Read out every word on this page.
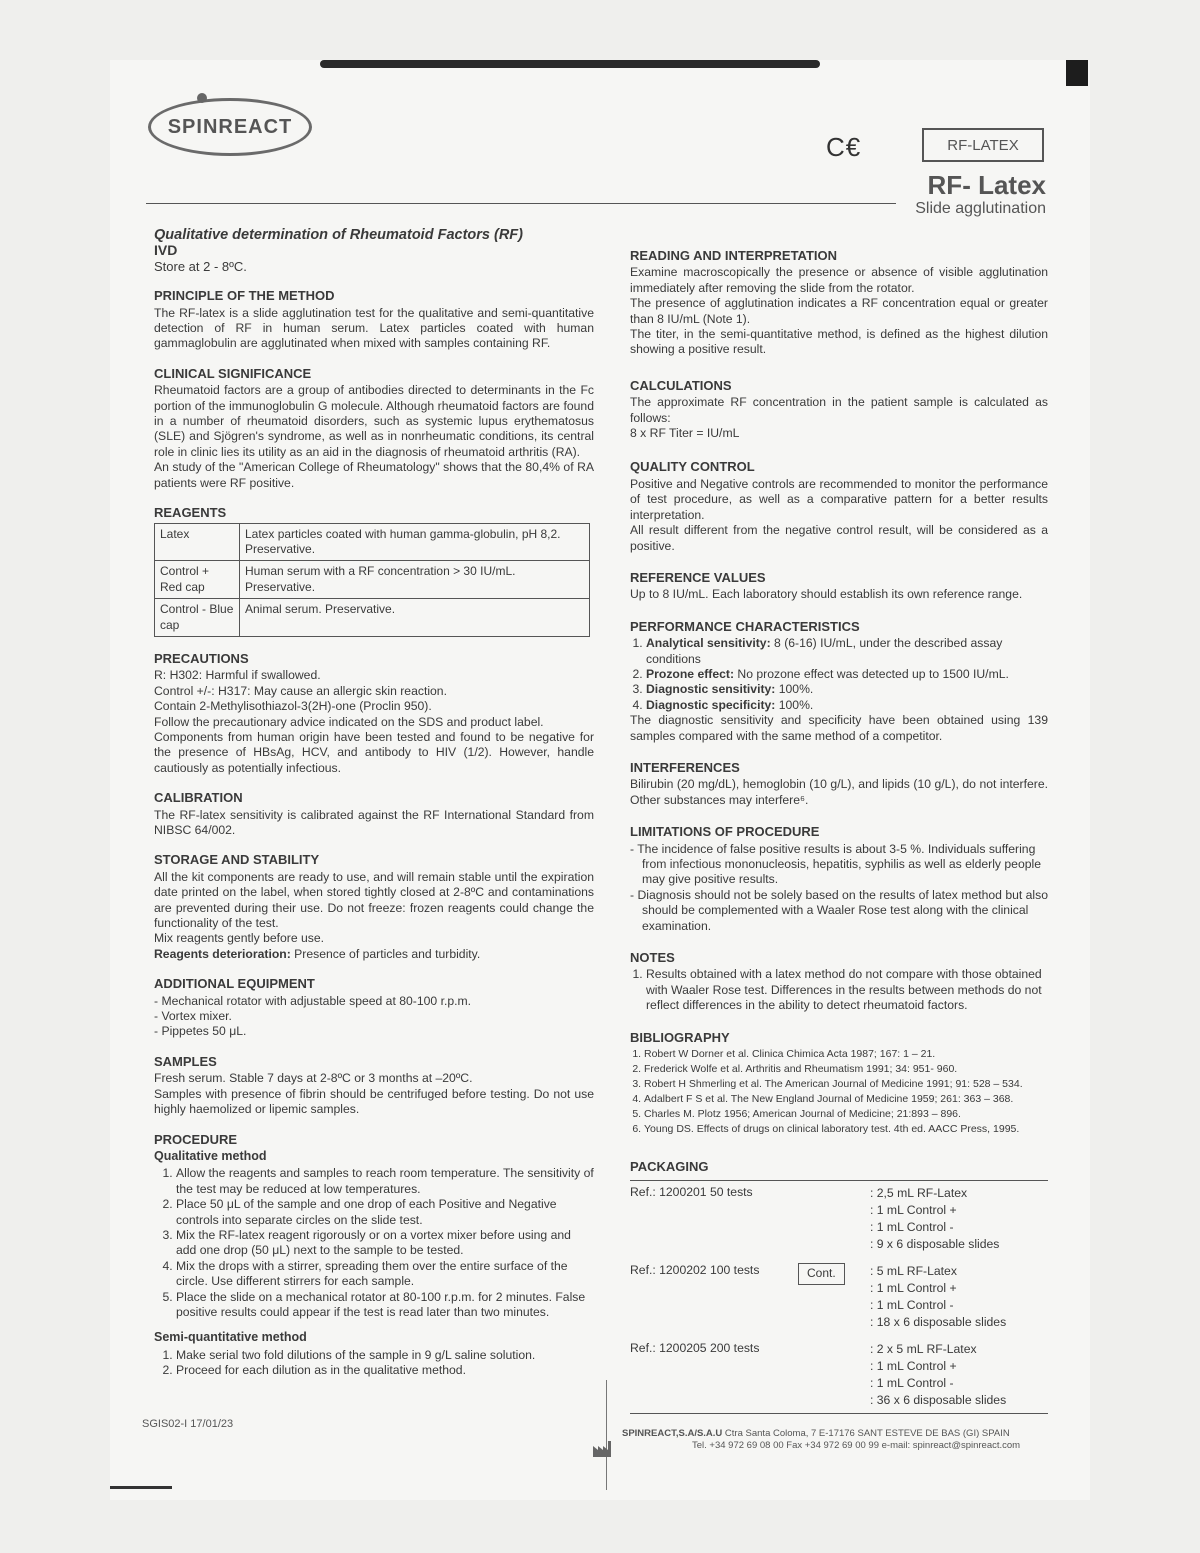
SPINREACT
C€	RF-LATEX
RF- Latex
Slide agglutination

Qualitative determination of Rheumatoid Factors (RF)

IVD

Store at 2 - 8ºC.

PRINCIPLE OF THE METHOD

The RF-latex is a slide agglutination test for the qualitative and semi-quantitative detection of RF in human serum. Latex particles coated with human gammaglobulin are agglutinated when mixed with samples containing RF.

CLINICAL SIGNIFICANCE

Rheumatoid factors are a group of antibodies directed to determinants in the Fc portion of the immunoglobulin G molecule. Although rheumatoid factors are found in a number of rheumatoid disorders, such as systemic lupus erythematosus (SLE) and Sjögren's syndrome, as well as in nonrheumatic conditions, its central role in clinic lies its utility as an aid in the diagnosis of rheumatoid arthritis (RA).

An study of the "American College of Rheumatology" shows that the 80,4% of RA patients were RF positive.

REAGENTS
Latex	Latex particles coated with human gamma-globulin, pH 8,2. Preservative.
Control + Red cap	Human serum with a RF concentration > 30 IU/mL. Preservative.
Control - Blue cap	Animal serum. Preservative.
PRECAUTIONS

R: H302: Harmful if swallowed.

Control +/-: H317: May cause an allergic skin reaction.

Contain 2-Methylisothiazol-3(2H)-one (Proclin 950).

Follow the precautionary advice indicated on the SDS and product label.

Components from human origin have been tested and found to be negative for the presence of HBsAg, HCV, and antibody to HIV (1/2). However, handle cautiously as potentially infectious.

CALIBRATION

The RF-latex sensitivity is calibrated against the RF International Standard from NIBSC 64/002.

STORAGE AND STABILITY

All the kit components are ready to use, and will remain stable until the expiration date printed on the label, when stored tightly closed at 2-8ºC and contaminations are prevented during their use. Do not freeze: frozen reagents could change the functionality of the test.

Mix reagents gently before use.

Reagents deterioration: Presence of particles and turbidity.

ADDITIONAL EQUIPMENT
- Mechanical rotator with adjustable speed at 80-100 r.p.m.
- Vortex mixer.
- Pippetes 50 μL.
SAMPLES

Fresh serum. Stable 7 days at 2-8ºC or 3 months at –20ºC.

Samples with presence of fibrin should be centrifuged before testing. Do not use highly haemolized or lipemic samples.

PROCEDURE
Qualitative method
1. Allow the reagents and samples to reach room temperature. The sensitivity of the test may be reduced at low temperatures.
2. Place 50 μL of the sample and one drop of each Positive and Negative controls into separate circles on the slide test.
3. Mix the RF-latex reagent rigorously or on a vortex mixer before using and add one drop (50 μL) next to the sample to be tested.
4. Mix the drops with a stirrer, spreading them over the entire surface of the circle. Use different stirrers for each sample.
5. Place the slide on a mechanical rotator at 80-100 r.p.m. for 2 minutes. False positive results could appear if the test is read later than two minutes.
Semi-quantitative method
1. Make serial two fold dilutions of the sample in 9 g/L saline solution.
2. Proceed for each dilution as in the qualitative method.
READING AND INTERPRETATION

Examine macroscopically the presence or absence of visible agglutination immediately after removing the slide from the rotator.

The presence of agglutination indicates a RF concentration equal or greater than 8 IU/mL (Note 1).

The titer, in the semi-quantitative method, is defined as the highest dilution showing a positive result.

CALCULATIONS

The approximate RF concentration in the patient sample is calculated as follows:

8 x RF Titer = IU/mL

QUALITY CONTROL

Positive and Negative controls are recommended to monitor the performance of test procedure, as well as a comparative pattern for a better results interpretation.

All result different from the negative control result, will be considered as a positive.

REFERENCE VALUES

Up to 8 IU/mL. Each laboratory should establish its own reference range.

PERFORMANCE CHARACTERISTICS
1. Analytical sensitivity: 8 (6-16) IU/mL, under the described assay conditions
2. Prozone effect: No prozone effect was detected up to 1500 IU/mL.
3. Diagnostic sensitivity: 100%.
4. Diagnostic specificity: 100%.

The diagnostic sensitivity and specificity have been obtained using 139 samples compared with the same method of a competitor.

INTERFERENCES

Bilirubin (20 mg/dL), hemoglobin (10 g/L), and lipids (10 g/L), do not interfere. Other substances may interfere⁶.

LIMITATIONS OF PROCEDURE
- The incidence of false positive results is about 3-5 %. Individuals suffering from infectious mononucleosis, hepatitis, syphilis as well as elderly people may give positive results.
- Diagnosis should not be solely based on the results of latex method but also should be complemented with a Waaler Rose test along with the clinical examination.
NOTES
1. Results obtained with a latex method do not compare with those obtained with Waaler Rose test. Differences in the results between methods do not reflect differences in the ability to detect rheumatoid factors.
BIBLIOGRAPHY
1. Robert W Dorner et al. Clinica Chimica Acta 1987; 167: 1 – 21.
2. Frederick Wolfe et al. Arthritis and Rheumatism 1991; 34: 951- 960.
3. Robert H Shmerling et al. The American Journal of Medicine 1991; 91: 528 – 534.
4. Adalbert F S et al. The New England Journal of Medicine 1959; 261: 363 – 368.
5. Charles M. Plotz 1956; American Journal of Medicine; 21:893 – 896.
6. Young DS. Effects of drugs on clinical laboratory test. 4th ed. AACC Press, 1995.
PACKAGING
Ref.: 1200201 50 tests	: 2,5 mL RF-Latex
: 1 mL Control +
: 1 mL Control -
: 9 x 6 disposable slides
Ref.: 1200202 100 tests	Cont.	: 5 mL RF-Latex
: 1 mL Control +
: 1 mL Control -
: 18 x 6 disposable slides
Ref.: 1200205 200 tests	: 2 x 5 mL RF-Latex
: 1 mL Control +
: 1 mL Control -
: 36 x 6 disposable slides
SGIS02-I 17/01/23
SPINREACT,S.A/S.A.U Ctra Santa Coloma, 7 E-17176 SANT ESTEVE DE BAS (GI) SPAIN
Tel. +34 972 69 08 00 Fax +34 972 69 00 99 e-mail: spinreact@spinreact.com
